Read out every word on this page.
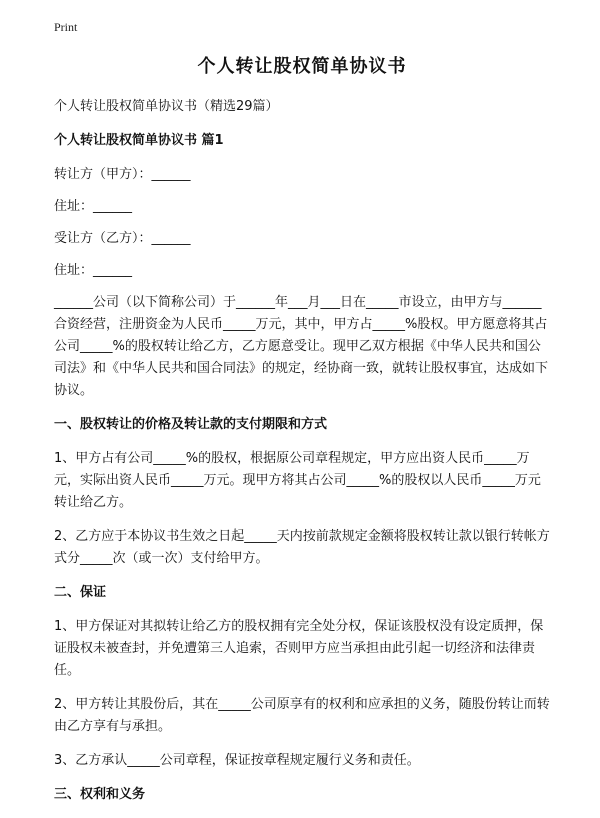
Print
个人转让股权简单协议书
个人转让股权简单协议书（精选29篇）
个人转让股权简单协议书 篇1
转让方（甲方）：______
住址：______
受让方（乙方）：______
住址：______
______公司（以下简称公司）于______年___月___日在_____市设立，由甲方与______合资经营，注册资金为人民币_____万元，其中，甲方占_____%股权。甲方愿意将其占公司_____%的股权转让给乙方，乙方愿意受让。现甲乙双方根据《中华人民共和国公司法》和《中华人民共和国合同法》的规定，经协商一致，就转让股权事宜，达成如下协议。
一、股权转让的价格及转让款的支付期限和方式
1、甲方占有公司_____%的股权，根据原公司章程规定，甲方应出资人民币_____万元，实际出资人民币_____万元。现甲方将其占公司_____%的股权以人民币_____万元转让给乙方。
2、乙方应于本协议书生效之日起_____天内按前款规定金额将股权转让款以银行转帐方式分_____次（或一次）支付给甲方。
二、保证
1、甲方保证对其拟转让给乙方的股权拥有完全处分权，保证该股权没有设定质押，保证股权未被查封，并免遭第三人追索，否则甲方应当承担由此引起一切经济和法律责任。
2、甲方转让其股份后，其在_____公司原享有的权利和应承担的义务，随股份转让而转由乙方享有与承担。
3、乙方承认_____公司章程，保证按章程规定履行义务和责任。
三、权利和义务
